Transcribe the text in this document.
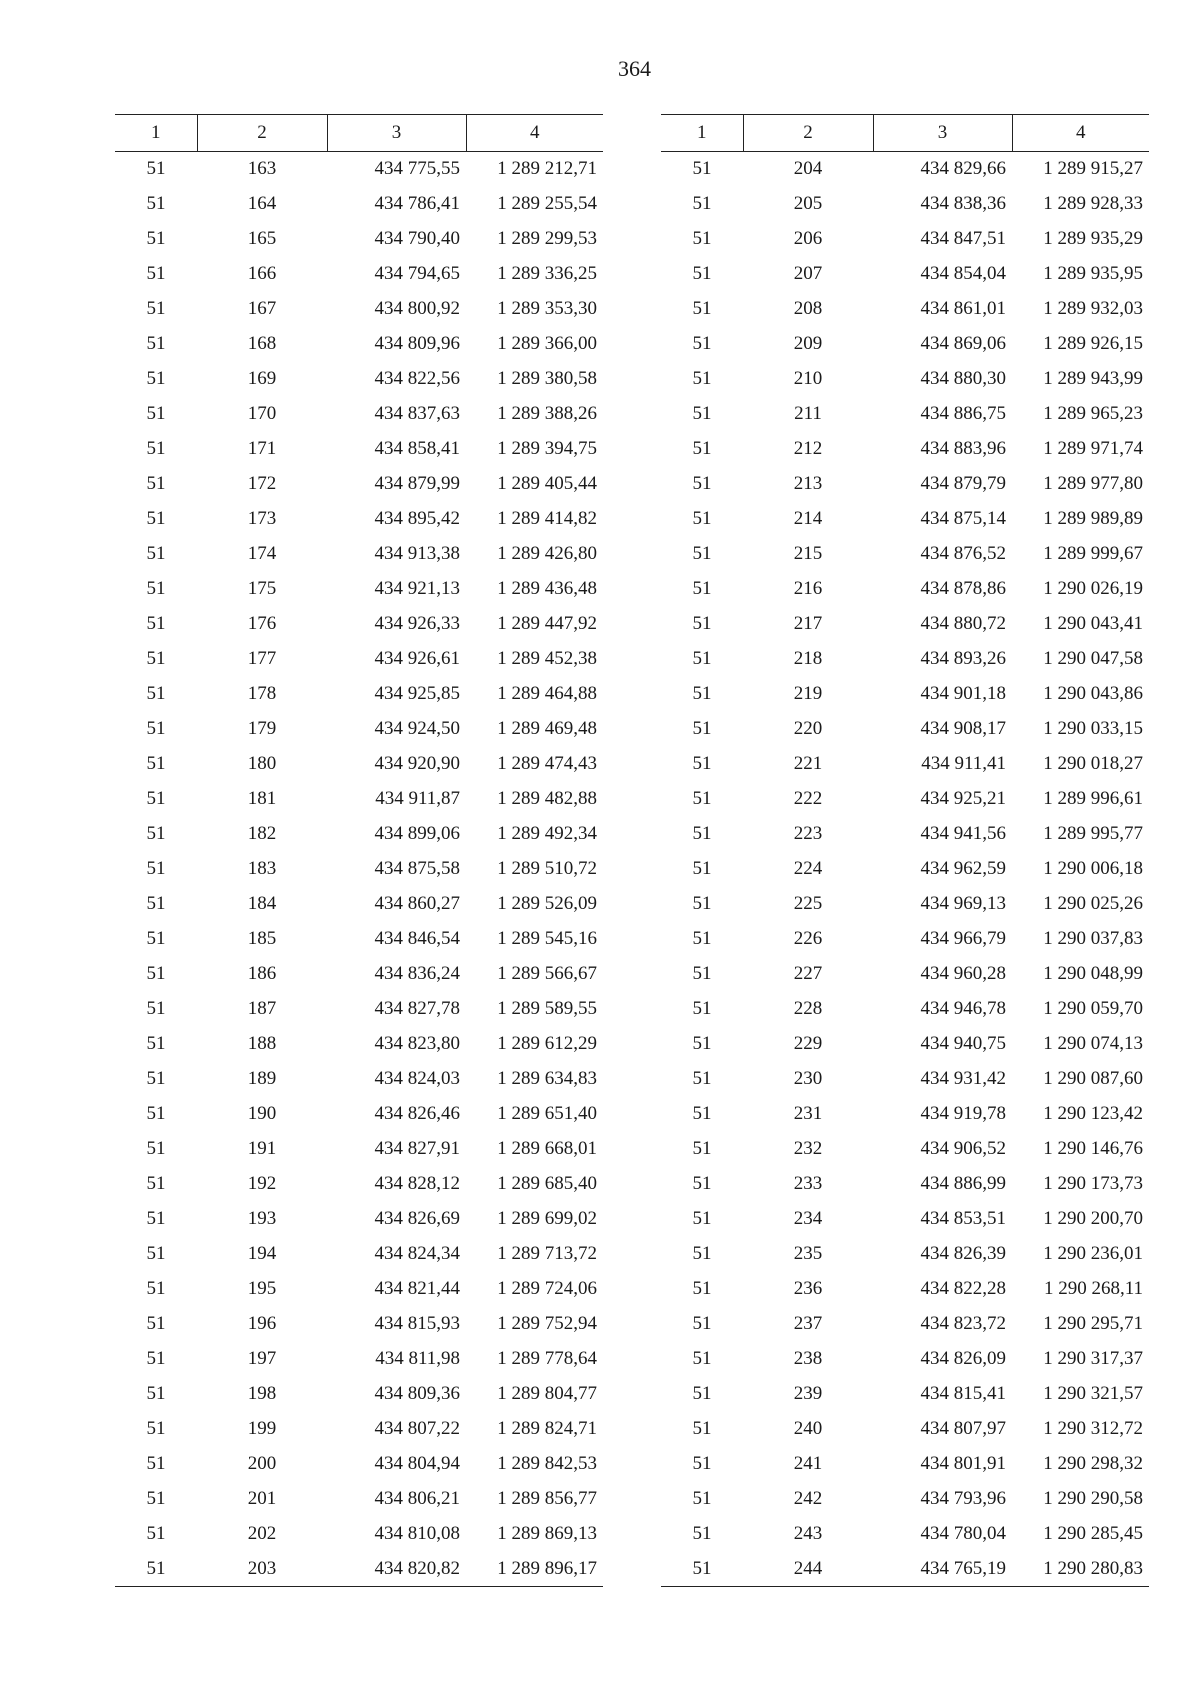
364
1	2	3	4
51	163	434 775,55	1 289 212,71
51	164	434 786,41	1 289 255,54
51	165	434 790,40	1 289 299,53
51	166	434 794,65	1 289 336,25
51	167	434 800,92	1 289 353,30
51	168	434 809,96	1 289 366,00
51	169	434 822,56	1 289 380,58
51	170	434 837,63	1 289 388,26
51	171	434 858,41	1 289 394,75
51	172	434 879,99	1 289 405,44
51	173	434 895,42	1 289 414,82
51	174	434 913,38	1 289 426,80
51	175	434 921,13	1 289 436,48
51	176	434 926,33	1 289 447,92
51	177	434 926,61	1 289 452,38
51	178	434 925,85	1 289 464,88
51	179	434 924,50	1 289 469,48
51	180	434 920,90	1 289 474,43
51	181	434 911,87	1 289 482,88
51	182	434 899,06	1 289 492,34
51	183	434 875,58	1 289 510,72
51	184	434 860,27	1 289 526,09
51	185	434 846,54	1 289 545,16
51	186	434 836,24	1 289 566,67
51	187	434 827,78	1 289 589,55
51	188	434 823,80	1 289 612,29
51	189	434 824,03	1 289 634,83
51	190	434 826,46	1 289 651,40
51	191	434 827,91	1 289 668,01
51	192	434 828,12	1 289 685,40
51	193	434 826,69	1 289 699,02
51	194	434 824,34	1 289 713,72
51	195	434 821,44	1 289 724,06
51	196	434 815,93	1 289 752,94
51	197	434 811,98	1 289 778,64
51	198	434 809,36	1 289 804,77
51	199	434 807,22	1 289 824,71
51	200	434 804,94	1 289 842,53
51	201	434 806,21	1 289 856,77
51	202	434 810,08	1 289 869,13
51	203	434 820,82	1 289 896,17
1	2	3	4
51	204	434 829,66	1 289 915,27
51	205	434 838,36	1 289 928,33
51	206	434 847,51	1 289 935,29
51	207	434 854,04	1 289 935,95
51	208	434 861,01	1 289 932,03
51	209	434 869,06	1 289 926,15
51	210	434 880,30	1 289 943,99
51	211	434 886,75	1 289 965,23
51	212	434 883,96	1 289 971,74
51	213	434 879,79	1 289 977,80
51	214	434 875,14	1 289 989,89
51	215	434 876,52	1 289 999,67
51	216	434 878,86	1 290 026,19
51	217	434 880,72	1 290 043,41
51	218	434 893,26	1 290 047,58
51	219	434 901,18	1 290 043,86
51	220	434 908,17	1 290 033,15
51	221	434 911,41	1 290 018,27
51	222	434 925,21	1 289 996,61
51	223	434 941,56	1 289 995,77
51	224	434 962,59	1 290 006,18
51	225	434 969,13	1 290 025,26
51	226	434 966,79	1 290 037,83
51	227	434 960,28	1 290 048,99
51	228	434 946,78	1 290 059,70
51	229	434 940,75	1 290 074,13
51	230	434 931,42	1 290 087,60
51	231	434 919,78	1 290 123,42
51	232	434 906,52	1 290 146,76
51	233	434 886,99	1 290 173,73
51	234	434 853,51	1 290 200,70
51	235	434 826,39	1 290 236,01
51	236	434 822,28	1 290 268,11
51	237	434 823,72	1 290 295,71
51	238	434 826,09	1 290 317,37
51	239	434 815,41	1 290 321,57
51	240	434 807,97	1 290 312,72
51	241	434 801,91	1 290 298,32
51	242	434 793,96	1 290 290,58
51	243	434 780,04	1 290 285,45
51	244	434 765,19	1 290 280,83
